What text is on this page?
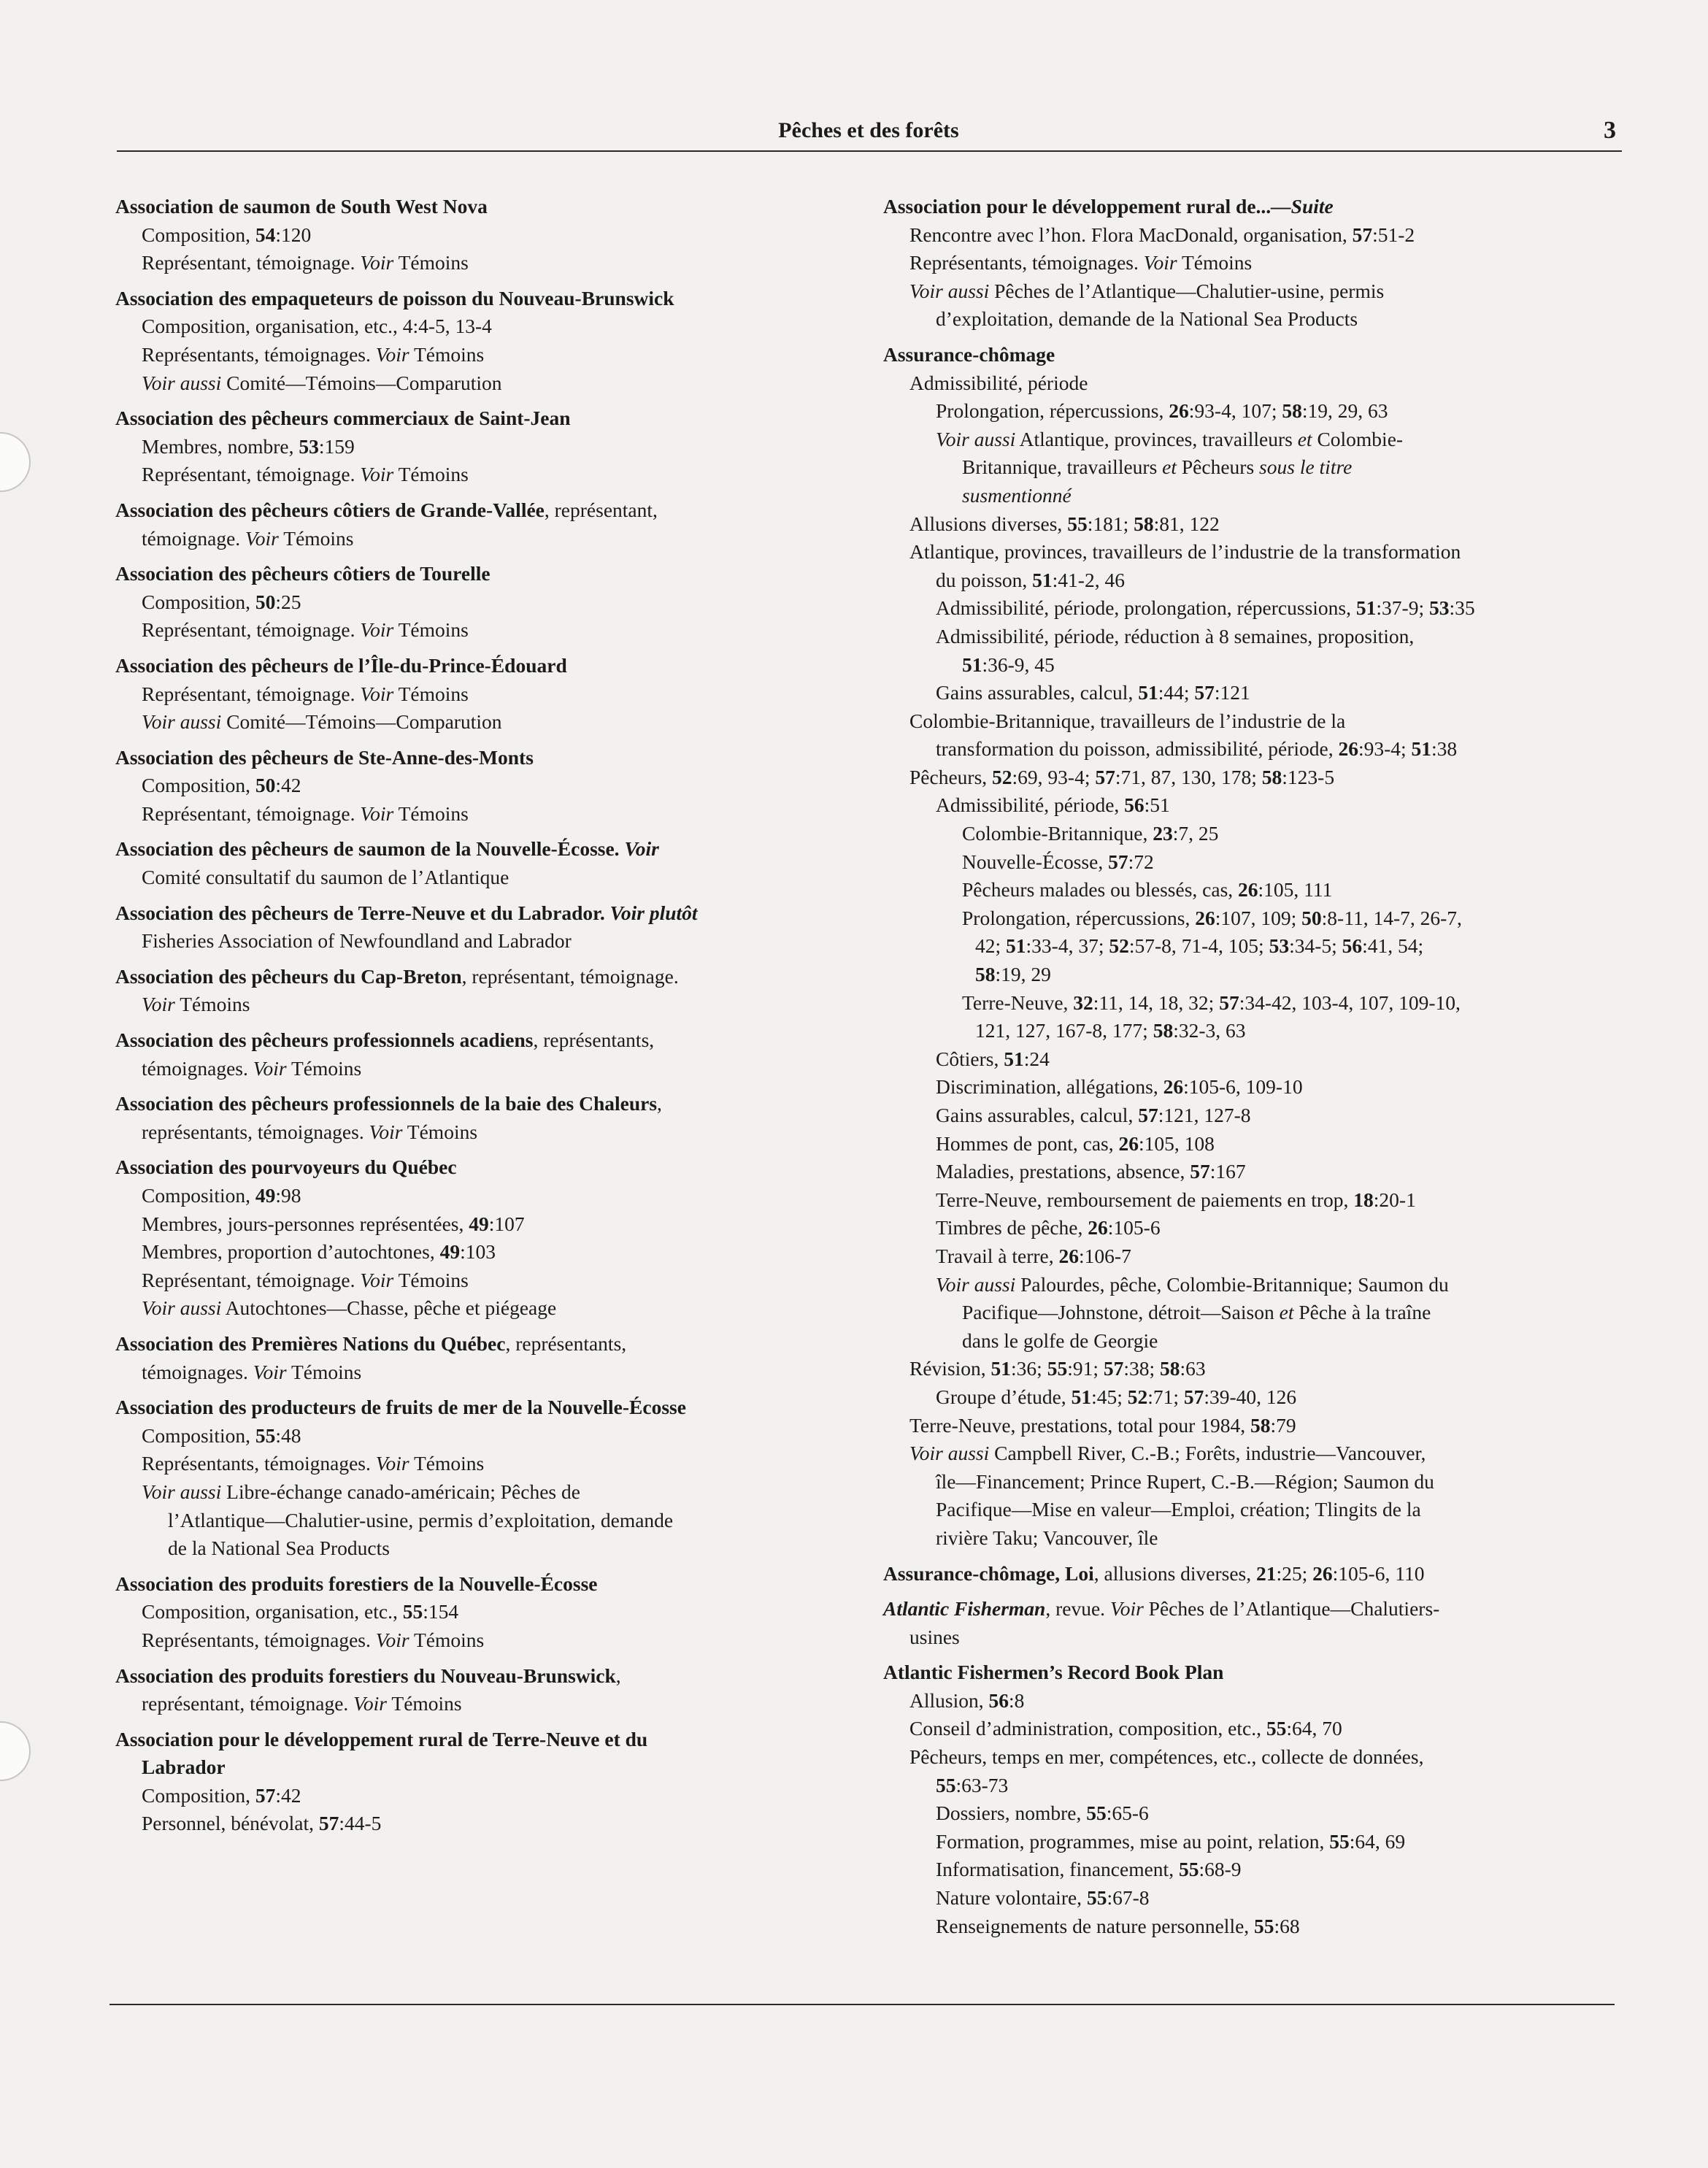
Pêches et des forêts	3
Association de saumon de South West Nova
Composition, 54:120
Représentant, témoignage. Voir Témoins
Association des empaqueteurs de poisson du Nouveau-Brunswick
Composition, organisation, etc., 4:4-5, 13-4
Représentants, témoignages. Voir Témoins
Voir aussi Comité—Témoins—Comparution
Association des pêcheurs commerciaux de Saint-Jean
Membres, nombre, 53:159
Représentant, témoignage. Voir Témoins
Association des pêcheurs côtiers de Grande-Vallée, représentant,
témoignage. Voir Témoins
Association des pêcheurs côtiers de Tourelle
Composition, 50:25
Représentant, témoignage. Voir Témoins
Association des pêcheurs de l’Île-du-Prince-Édouard
Représentant, témoignage. Voir Témoins
Voir aussi Comité—Témoins—Comparution
Association des pêcheurs de Ste-Anne-des-Monts
Composition, 50:42
Représentant, témoignage. Voir Témoins
Association des pêcheurs de saumon de la Nouvelle-Écosse. Voir
Comité consultatif du saumon de l’Atlantique
Association des pêcheurs de Terre-Neuve et du Labrador. Voir plutôt
Fisheries Association of Newfoundland and Labrador
Association des pêcheurs du Cap-Breton, représentant, témoignage.
Voir Témoins
Association des pêcheurs professionnels acadiens, représentants,
témoignages. Voir Témoins
Association des pêcheurs professionnels de la baie des Chaleurs,
représentants, témoignages. Voir Témoins
Association des pourvoyeurs du Québec
Composition, 49:98
Membres, jours-personnes représentées, 49:107
Membres, proportion d’autochtones, 49:103
Représentant, témoignage. Voir Témoins
Voir aussi Autochtones—Chasse, pêche et piégeage
Association des Premières Nations du Québec, représentants,
témoignages. Voir Témoins
Association des producteurs de fruits de mer de la Nouvelle-Écosse
Composition, 55:48
Représentants, témoignages. Voir Témoins
Voir aussi Libre-échange canado-américain; Pêches de
l’Atlantique—Chalutier-usine, permis d’exploitation, demande
de la National Sea Products
Association des produits forestiers de la Nouvelle-Écosse
Composition, organisation, etc., 55:154
Représentants, témoignages. Voir Témoins
Association des produits forestiers du Nouveau-Brunswick,
représentant, témoignage. Voir Témoins
Association pour le développement rural de Terre-Neuve et du
Labrador
Composition, 57:42
Personnel, bénévolat, 57:44-5
Association pour le développement rural de...—Suite
Rencontre avec l’hon. Flora MacDonald, organisation, 57:51-2
Représentants, témoignages. Voir Témoins
Voir aussi Pêches de l’Atlantique—Chalutier-usine, permis
d’exploitation, demande de la National Sea Products
Assurance-chômage
Admissibilité, période
Prolongation, répercussions, 26:93-4, 107; 58:19, 29, 63
Voir aussi Atlantique, provinces, travailleurs et Colombie-
Britannique, travailleurs et Pêcheurs sous le titre
susmentionné
Allusions diverses, 55:181; 58:81, 122
Atlantique, provinces, travailleurs de l’industrie de la transformation
du poisson, 51:41-2, 46
Admissibilité, période, prolongation, répercussions, 51:37-9; 53:35
Admissibilité, période, réduction à 8 semaines, proposition,
51:36-9, 45
Gains assurables, calcul, 51:44; 57:121
Colombie-Britannique, travailleurs de l’industrie de la
transformation du poisson, admissibilité, période, 26:93-4; 51:38
Pêcheurs, 52:69, 93-4; 57:71, 87, 130, 178; 58:123-5
Admissibilité, période, 56:51
Colombie-Britannique, 23:7, 25
Nouvelle-Écosse, 57:72
Pêcheurs malades ou blessés, cas, 26:105, 111
Prolongation, répercussions, 26:107, 109; 50:8-11, 14-7, 26-7,
42; 51:33-4, 37; 52:57-8, 71-4, 105; 53:34-5; 56:41, 54;
58:19, 29
Terre-Neuve, 32:11, 14, 18, 32; 57:34-42, 103-4, 107, 109-10,
121, 127, 167-8, 177; 58:32-3, 63
Côtiers, 51:24
Discrimination, allégations, 26:105-6, 109-10
Gains assurables, calcul, 57:121, 127-8
Hommes de pont, cas, 26:105, 108
Maladies, prestations, absence, 57:167
Terre-Neuve, remboursement de paiements en trop, 18:20-1
Timbres de pêche, 26:105-6
Travail à terre, 26:106-7
Voir aussi Palourdes, pêche, Colombie-Britannique; Saumon du
Pacifique—Johnstone, détroit—Saison et Pêche à la traîne
dans le golfe de Georgie
Révision, 51:36; 55:91; 57:38; 58:63
Groupe d’étude, 51:45; 52:71; 57:39-40, 126
Terre-Neuve, prestations, total pour 1984, 58:79
Voir aussi Campbell River, C.-B.; Forêts, industrie—Vancouver,
île—Financement; Prince Rupert, C.-B.—Région; Saumon du
Pacifique—Mise en valeur—Emploi, création; Tlingits de la
rivière Taku; Vancouver, île
Assurance-chômage, Loi, allusions diverses, 21:25; 26:105-6, 110
Atlantic Fisherman, revue. Voir Pêches de l’Atlantique—Chalutiers-
usines
Atlantic Fishermen’s Record Book Plan
Allusion, 56:8
Conseil d’administration, composition, etc., 55:64, 70
Pêcheurs, temps en mer, compétences, etc., collecte de données,
55:63-73
Dossiers, nombre, 55:65-6
Formation, programmes, mise au point, relation, 55:64, 69
Informatisation, financement, 55:68-9
Nature volontaire, 55:67-8
Renseignements de nature personnelle, 55:68
